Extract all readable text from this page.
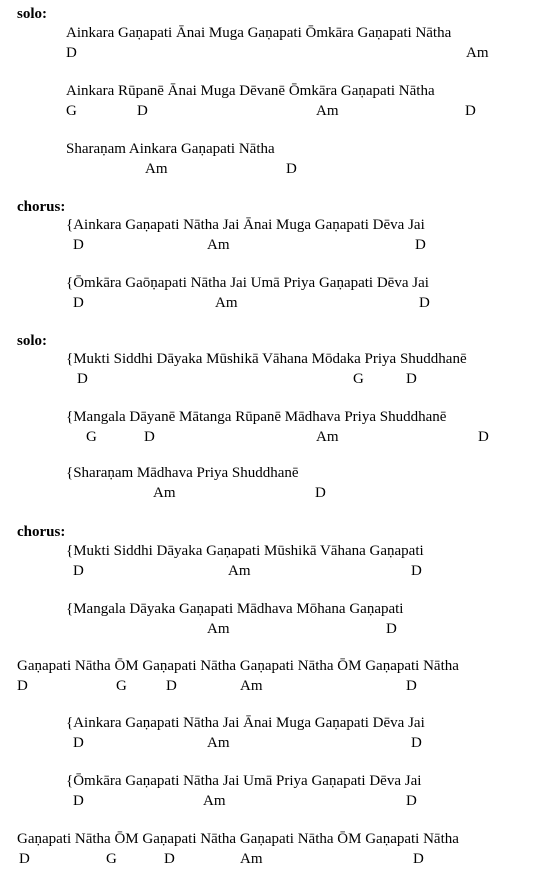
solo:
Ainkara Gaṇapati Ānai Muga Gaṇapati Ōmkāra Gaṇapati Nātha
D	Am
Ainkara Rūpanē Ānai Muga Dēvanē Ōmkāra Gaṇapati Nātha
G	D	Am	D
Sharaṇam Ainkara Gaṇapati Nātha
Am	D
chorus:
{Ainkara Gaṇapati Nātha Jai Ānai Muga Gaṇapati Dēva Jai
D	Am	D
{Ōmkāra Gaōṇapati Nātha Jai Umā Priya Gaṇapati Dēva Jai
D	Am	D
solo:
{Mukti Siddhi Dāyaka Mūshikā Vāhana Mōdaka Priya Shuddhanē
D	G	D
{Mangala Dāyanē Mātanga Rūpanē Mādhava Priya Shuddhanē
G	D	Am	D
{Sharaṇam Mādhava Priya Shuddhanē
Am	D
chorus:
{Mukti Siddhi Dāyaka Gaṇapati Mūshikā Vāhana Gaṇapati
D	Am	D
{Mangala Dāyaka Gaṇapati Mādhava Mōhana Gaṇapati
Am	D
Gaṇapati Nātha ŌM Gaṇapati Nātha Gaṇapati Nātha ŌM Gaṇapati Nātha
D	G	D	Am	D
{Ainkara Gaṇapati Nātha Jai Ānai Muga Gaṇapati Dēva Jai
D	Am	D
{Ōmkāra Gaṇapati Nātha Jai Umā Priya Gaṇapati Dēva Jai
D	Am	D
Gaṇapati Nātha ŌM Gaṇapati Nātha Gaṇapati Nātha ŌM Gaṇapati Nātha
D	G	D	Am	D
